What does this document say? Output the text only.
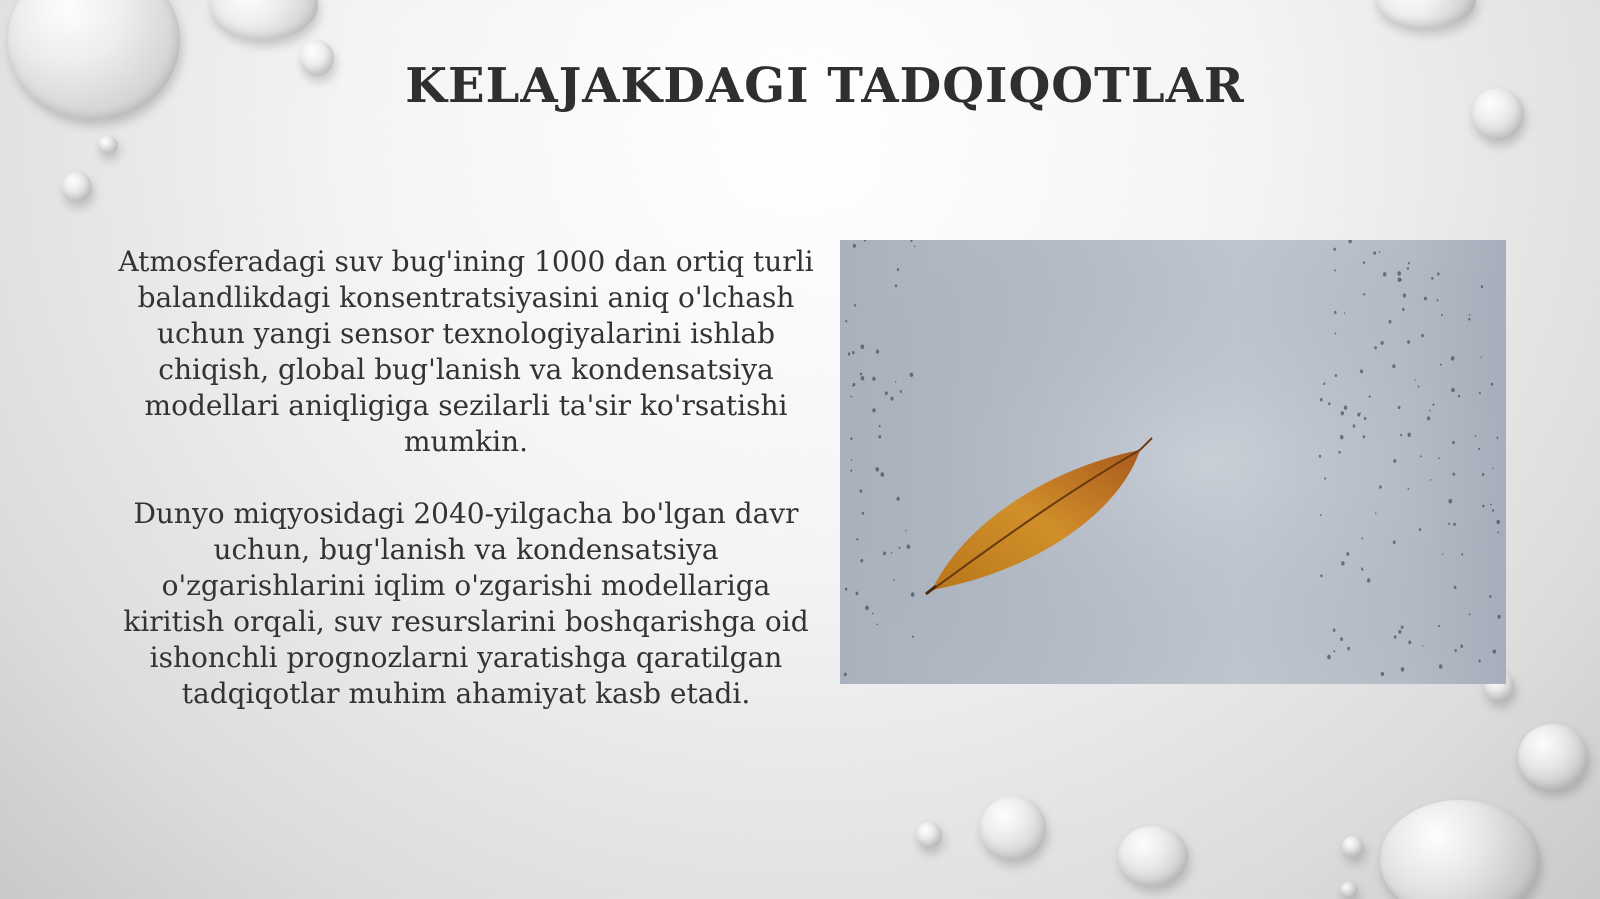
KELAJAKDAGI TADQIQOTLAR

Atmosferadagi suv bug'ining 1000 dan ortiq turli balandlikdagi konsentratsiyasini aniq o'lchash uchun yangi sensor texnologiyalarini ishlab chiqish, global bug'lanish va kondensatsiya modellari aniqligiga sezilarli ta'sir ko'rsatishi mumkin.

Dunyo miqyosidagi 2040-yilgacha bo'lgan davr uchun, bug'lanish va kondensatsiya o'zgarishlarini iqlim o'zgarishi modellariga kiritish orqali, suv resurslarini boshqarishga oid ishonchli prognozlarni yaratishga qaratilgan tadqiqotlar muhim ahamiyat kasb etadi.
